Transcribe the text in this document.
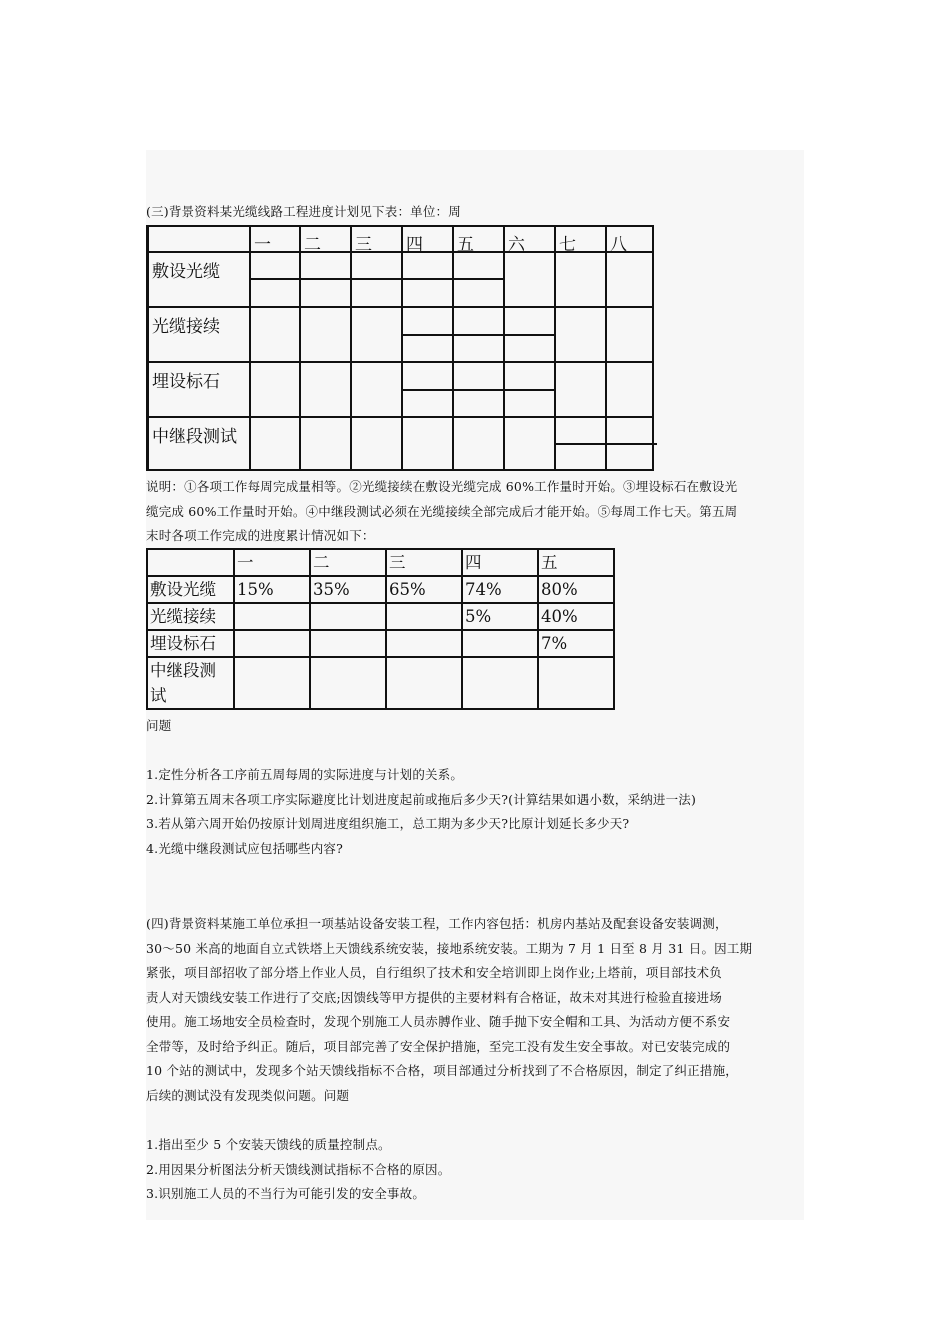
(三)背景资料某光缆线路工程进度计划见下表：单位：周
一 二 三 四 五 六 七 八
敷设光缆
光缆接续
埋设标石
中继段测试
说明：①各项工作每周完成量相等。②光缆接续在敷设光缆完成 60%工作量时开始。③埋设标石在敷设光
缆完成 60%工作量时开始。④中继段测试必须在光缆接续全部完成后才能开始。⑤每周工作七天。第五周
末时各项工作完成的进度累计情况如下：
	一	二	三	四	五
敷设光缆	15%	35%	65%	74%	80%
光缆接续				5%	40%
埋设标石					7%
中继段测试					
问题
1.定性分析各工序前五周每周的实际进度与计划的关系。
2.计算第五周末各项工序实际避度比计划进度起前或拖后多少天?(计算结果如遇小数，采纳进一法)
3.若从第六周开始仍按原计划周进度组织施工，总工期为多少天?比原计划延长多少天?
4.光缆中继段测试应包括哪些内容?
(四)背景资料某施工单位承担一项基站设备安装工程，工作内容包括：机房内基站及配套设备安装调测，
30～50 米高的地面自立式铁塔上天馈线系统安装，接地系统安装。工期为 7 月 1 日至 8 月 31 日。因工期
紧张，项目部招收了部分塔上作业人员，自行组织了技术和安全培训即上岗作业;上塔前，项目部技术负
责人对天馈线安装工作进行了交底;因馈线等甲方提供的主要材料有合格证，故未对其进行检验直接进场
使用。施工场地安全员检查时，发现个别施工人员赤膊作业、随手抛下安全帽和工具、为活动方便不系安
全带等，及时给予纠正。随后，项目部完善了安全保护措施，至完工没有发生安全事故。对已安装完成的
10 个站的测试中，发现多个站天馈线指标不合格，项目部通过分析找到了不合格原因，制定了纠正措施，
后续的测试没有发现类似问题。问题
1.指出至少 5 个安装天馈线的质量控制点。
2.用因果分析图法分析天馈线测试指标不合格的原因。
3.识别施工人员的不当行为可能引发的安全事故。
